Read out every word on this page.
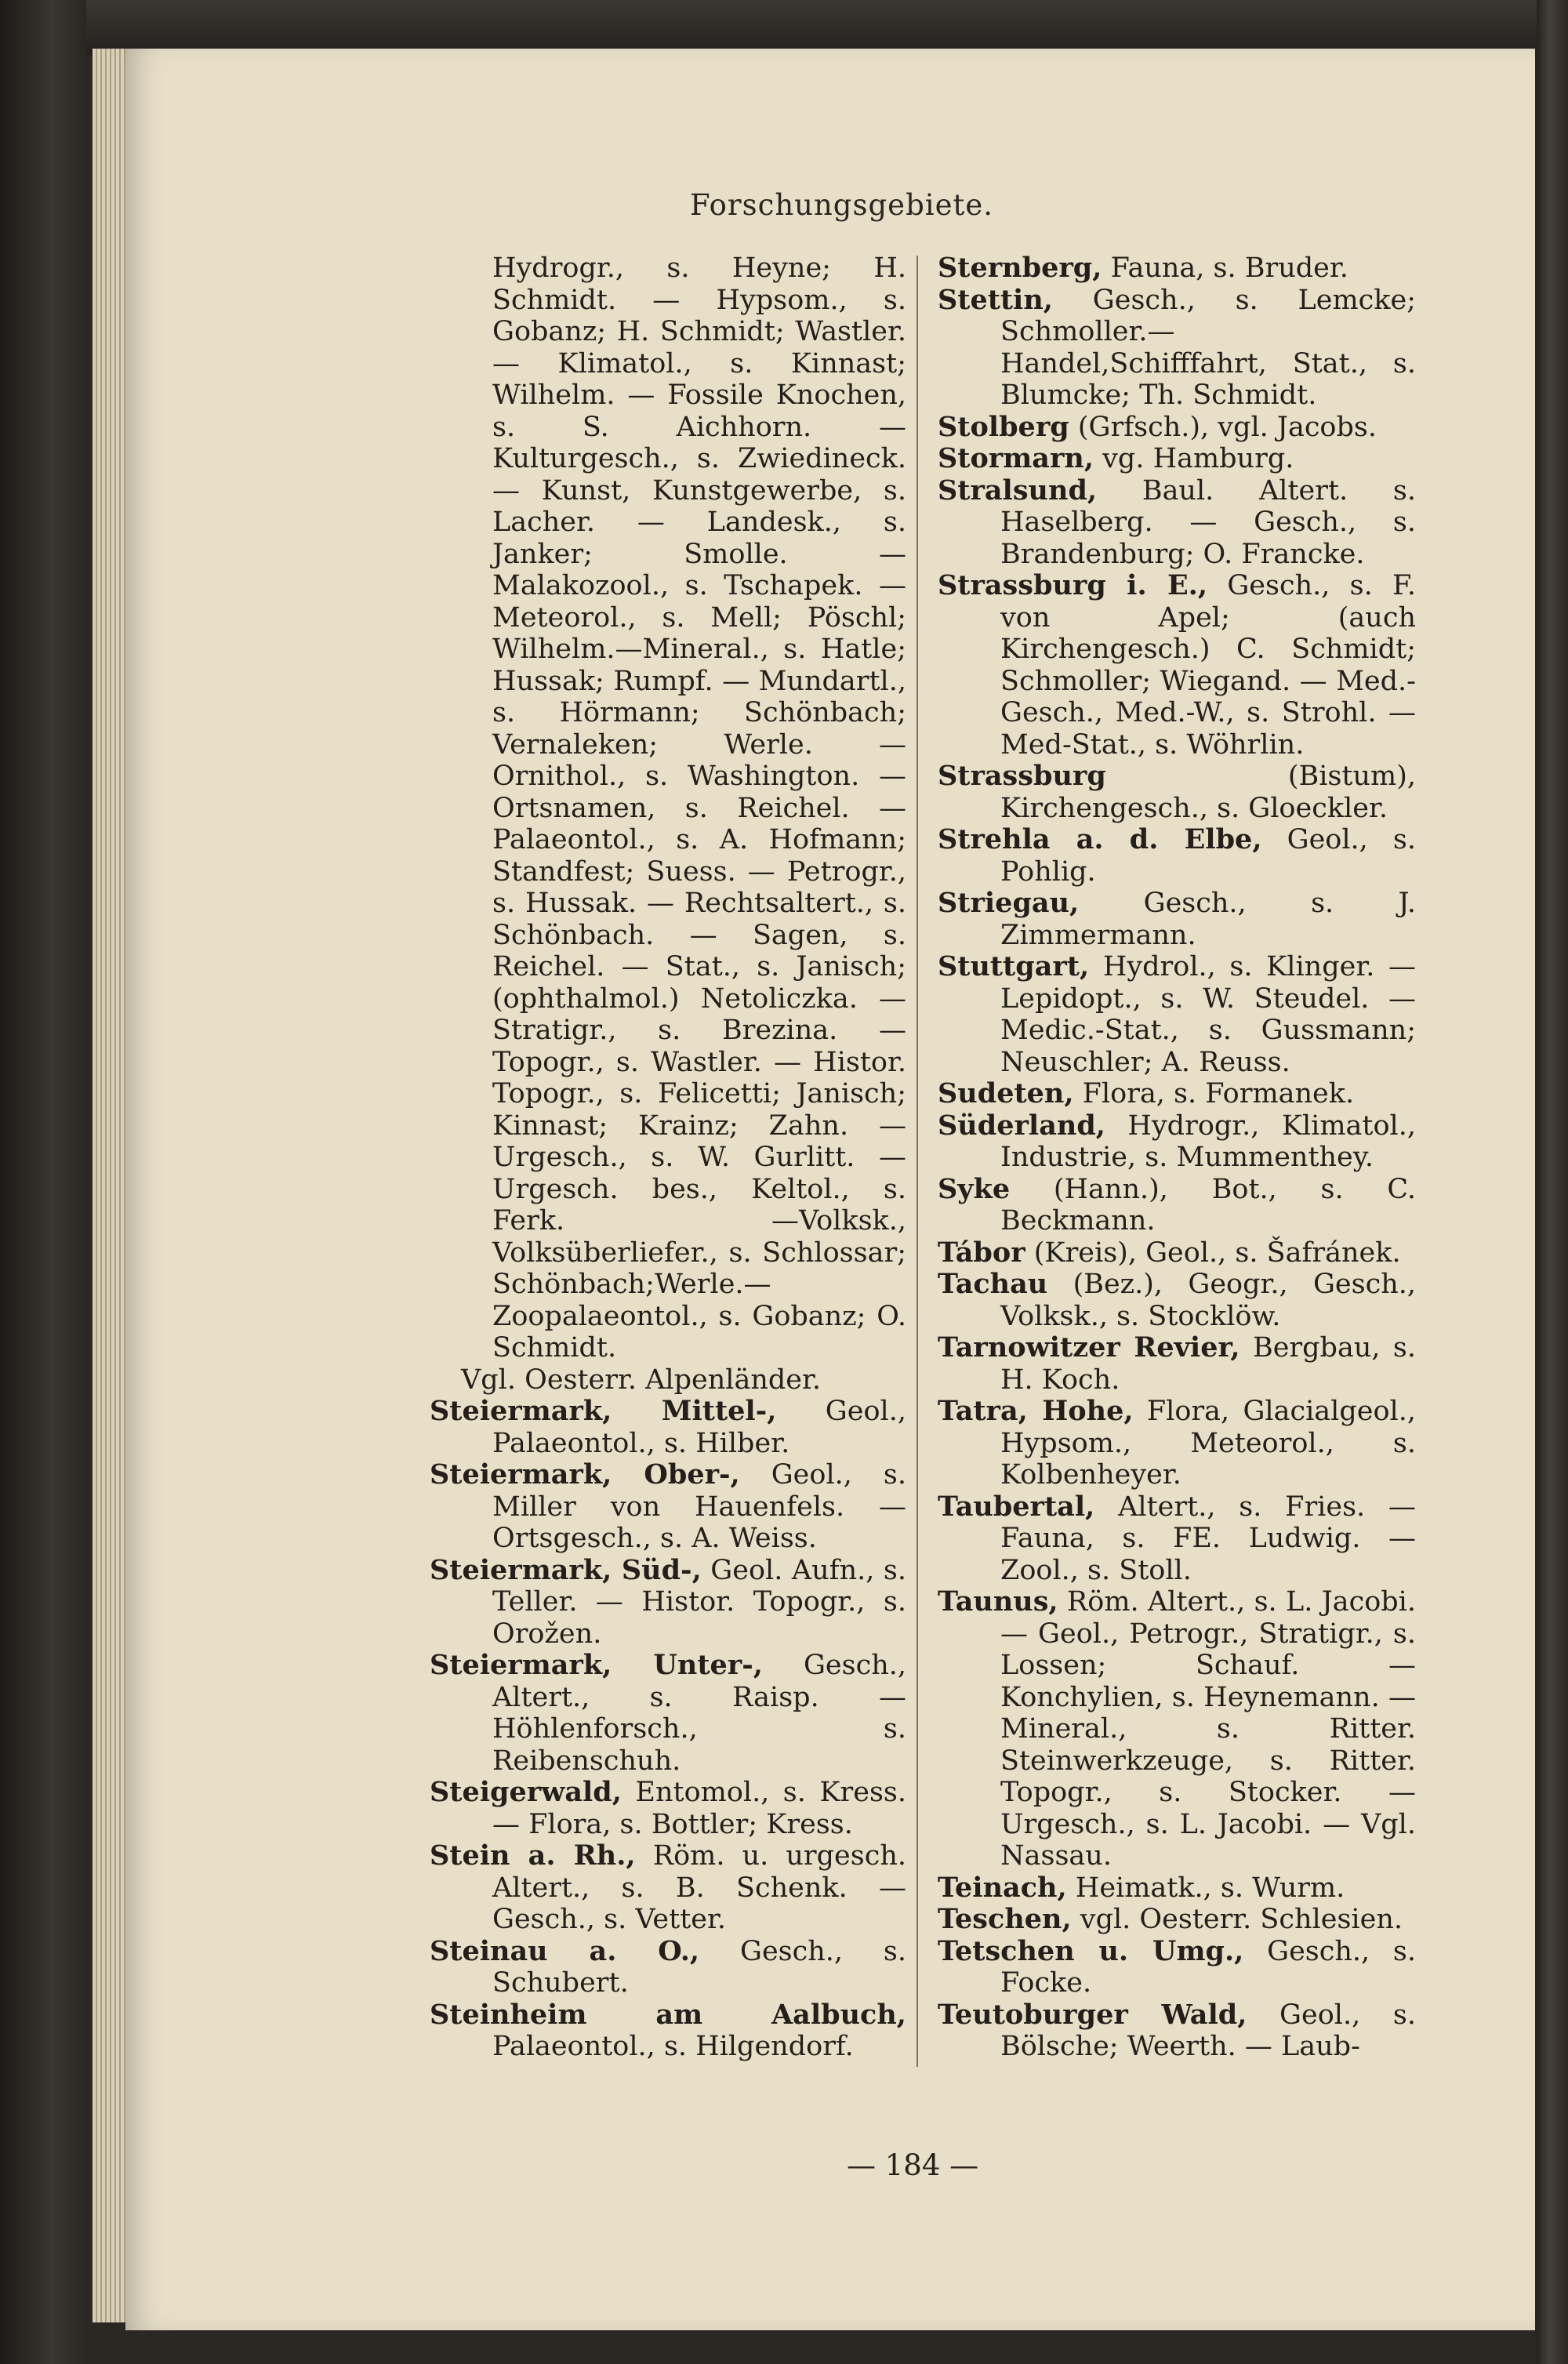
Forschungsgebiete.

Hydrogr., s. Heyne; H. Schmidt. — Hypsom., s. Gobanz; H. Schmidt; Wastler. — Klimatol., s. Kinnast; Wilhelm. — Fossile Knochen, s. S. Aichhorn. — Kulturgesch., s. Zwiedineck. — Kunst, Kunstgewerbe, s. Lacher. — Landesk., s. Janker; Smolle. — Malakozool., s. Tschapek. — Meteorol., s. Mell; Pöschl; Wilhelm.—Mineral., s. Hatle; Hussak; Rumpf. — Mundartl., s. Hörmann; Schönbach; Vernaleken; Werle. — Ornithol., s. Washington. — Ortsnamen, s. Reichel. — Palaeontol., s. A. Hofmann; Standfest; Suess. — Petrogr., s. Hussak. — Rechtsaltert., s. Schönbach. — Sagen, s. Reichel. — Stat., s. Janisch; (ophthalmol.) Netoliczka. — Stratigr., s. Brezina. — Topogr., s. Wastler. — Histor. Topogr., s. Felicetti; Janisch; Kinnast; Krainz; Zahn. — Urgesch., s. W. Gurlitt. — Urgesch. bes., Keltol., s. Ferk. —Volksk., Volksüberliefer., s. Schlossar; Schönbach;Werle.—Zoopalaeontol., s. Gobanz; O. Schmidt.

Vgl. Oesterr. Alpenländer.

Steiermark, Mittel-, Geol., Palaeontol., s. Hilber.

Steiermark, Ober-, Geol., s. Miller von Hauenfels. — Ortsgesch., s. A. Weiss.

Steiermark, Süd-, Geol. Aufn., s. Teller. — Histor. Topogr., s. Orožen.

Steiermark, Unter-, Gesch., Altert., s. Raisp. — Höhlenforsch., s. Reibenschuh.

Steigerwald, Entomol., s. Kress. — Flora, s. Bottler; Kress.

Stein a. Rh., Röm. u. urgesch. Altert., s. B. Schenk. — Gesch., s. Vetter.

Steinau a. O., Gesch., s. Schubert.

Steinheim am Aalbuch, Palaeontol., s. Hilgendorf.

Sternberg, Fauna, s. Bruder.

Stettin, Gesch., s. Lemcke; Schmoller.—Handel,Schifffahrt, Stat., s. Blumcke; Th. Schmidt.

Stolberg (Grfsch.), vgl. Jacobs.

Stormarn, vg. Hamburg.

Stralsund, Baul. Altert. s. Haselberg. — Gesch., s. Brandenburg; O. Francke.

Strassburg i. E., Gesch., s. F. von Apel; (auch Kirchengesch.) C. Schmidt; Schmoller; Wiegand. — Med.-Gesch., Med.-W., s. Strohl. — Med-Stat., s. Wöhrlin.

Strassburg (Bistum), Kirchengesch., s. Gloeckler.

Strehla a. d. Elbe, Geol., s. Pohlig.

Striegau, Gesch., s. J. Zimmermann.

Stuttgart, Hydrol., s. Klinger. — Lepidopt., s. W. Steudel. — Medic.-Stat., s. Gussmann; Neuschler; A. Reuss.

Sudeten, Flora, s. Formanek.

Süderland, Hydrogr., Klimatol., Industrie, s. Mummenthey.

Syke (Hann.), Bot., s. C. Beckmann.

Tábor (Kreis), Geol., s. Šafránek.

Tachau (Bez.), Geogr., Gesch., Volksk., s. Stocklöw.

Tarnowitzer Revier, Bergbau, s. H. Koch.

Tatra, Hohe, Flora, Glacialgeol., Hypsom., Meteorol., s. Kolbenheyer.

Taubertal, Altert., s. Fries. — Fauna, s. FE. Ludwig. — Zool., s. Stoll.

Taunus, Röm. Altert., s. L. Jacobi. — Geol., Petrogr., Stratigr., s. Lossen; Schauf. — Konchylien, s. Heynemann. — Mineral., s. Ritter. Steinwerkzeuge, s. Ritter. Topogr., s. Stocker. — Urgesch., s. L. Jacobi. — Vgl. Nassau.

Teinach, Heimatk., s. Wurm.

Teschen, vgl. Oesterr. Schlesien.

Tetschen u. Umg., Gesch., s. Focke.

Teutoburger Wald, Geol., s. Bölsche; Weerth. — Laub-

— 184 —
